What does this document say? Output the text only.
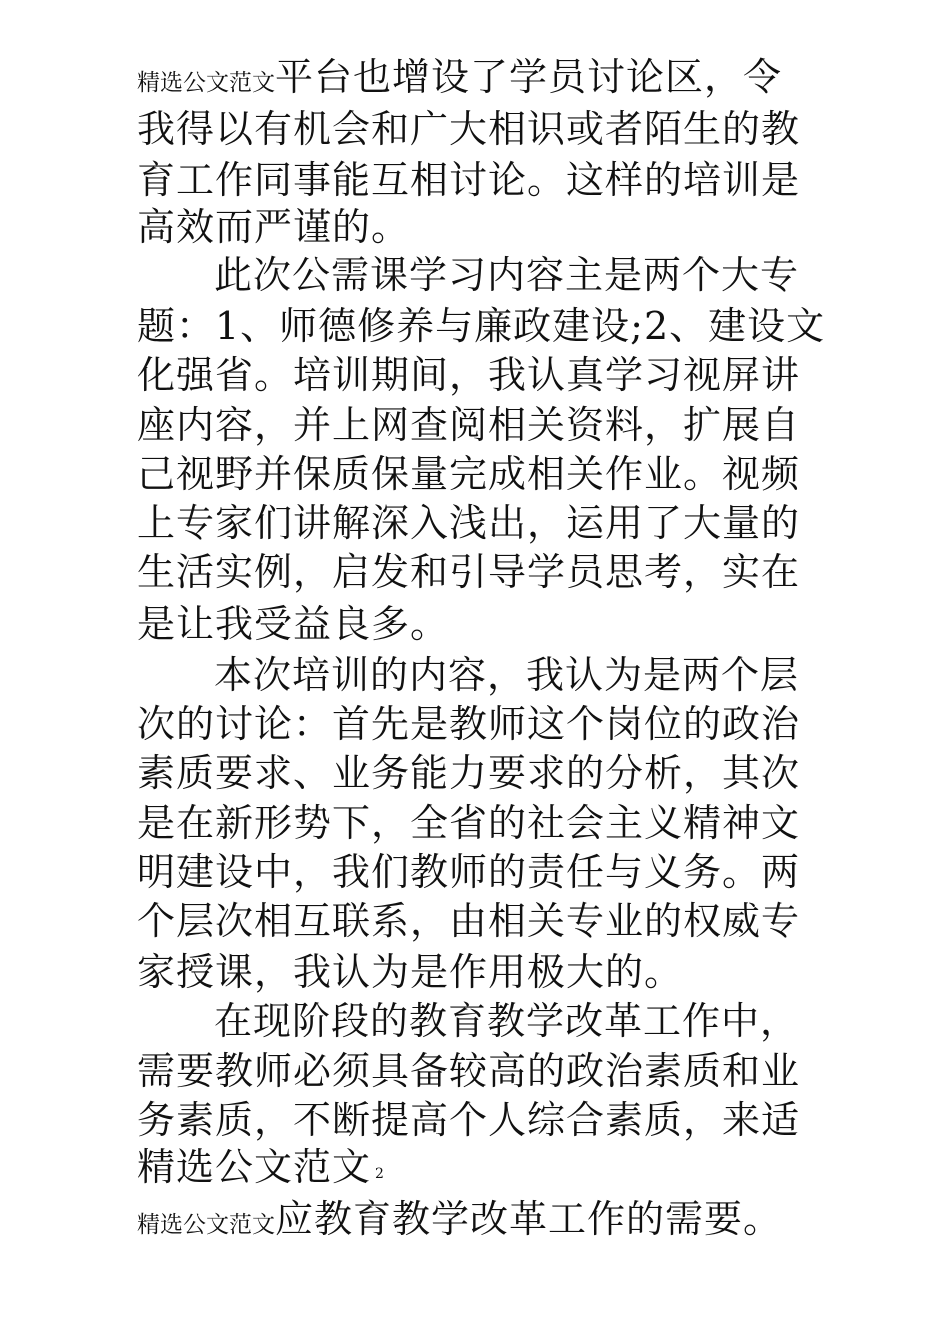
精选公文范文平台也增设了学员讨论区，令
我得以有机会和广大相识或者陌生的教
育工作同事能互相讨论。这样的培训是
高效而严谨的。
此次公需课学习内容主是两个大专
题：1、师德修养与廉政建设;2、建设文
化强省。培训期间，我认真学习视屏讲
座内容，并上网查阅相关资料，扩展自
己视野并保质保量完成相关作业。视频
上专家们讲解深入浅出，运用了大量的
生活实例，启发和引导学员思考，实在
是让我受益良多。
本次培训的内容，我认为是两个层
次的讨论：首先是教师这个岗位的政治
素质要求、业务能力要求的分析，其次
是在新形势下，全省的社会主义精神文
明建设中，我们教师的责任与义务。两
个层次相互联系，由相关专业的权威专
家授课，我认为是作用极大的。
在现阶段的教育教学改革工作中，
需要教师必须具备较高的政治素质和业
务素质，不断提高个人综合素质，来适
精选公文范文 2
精选公文范文应教育教学改革工作的需要。
